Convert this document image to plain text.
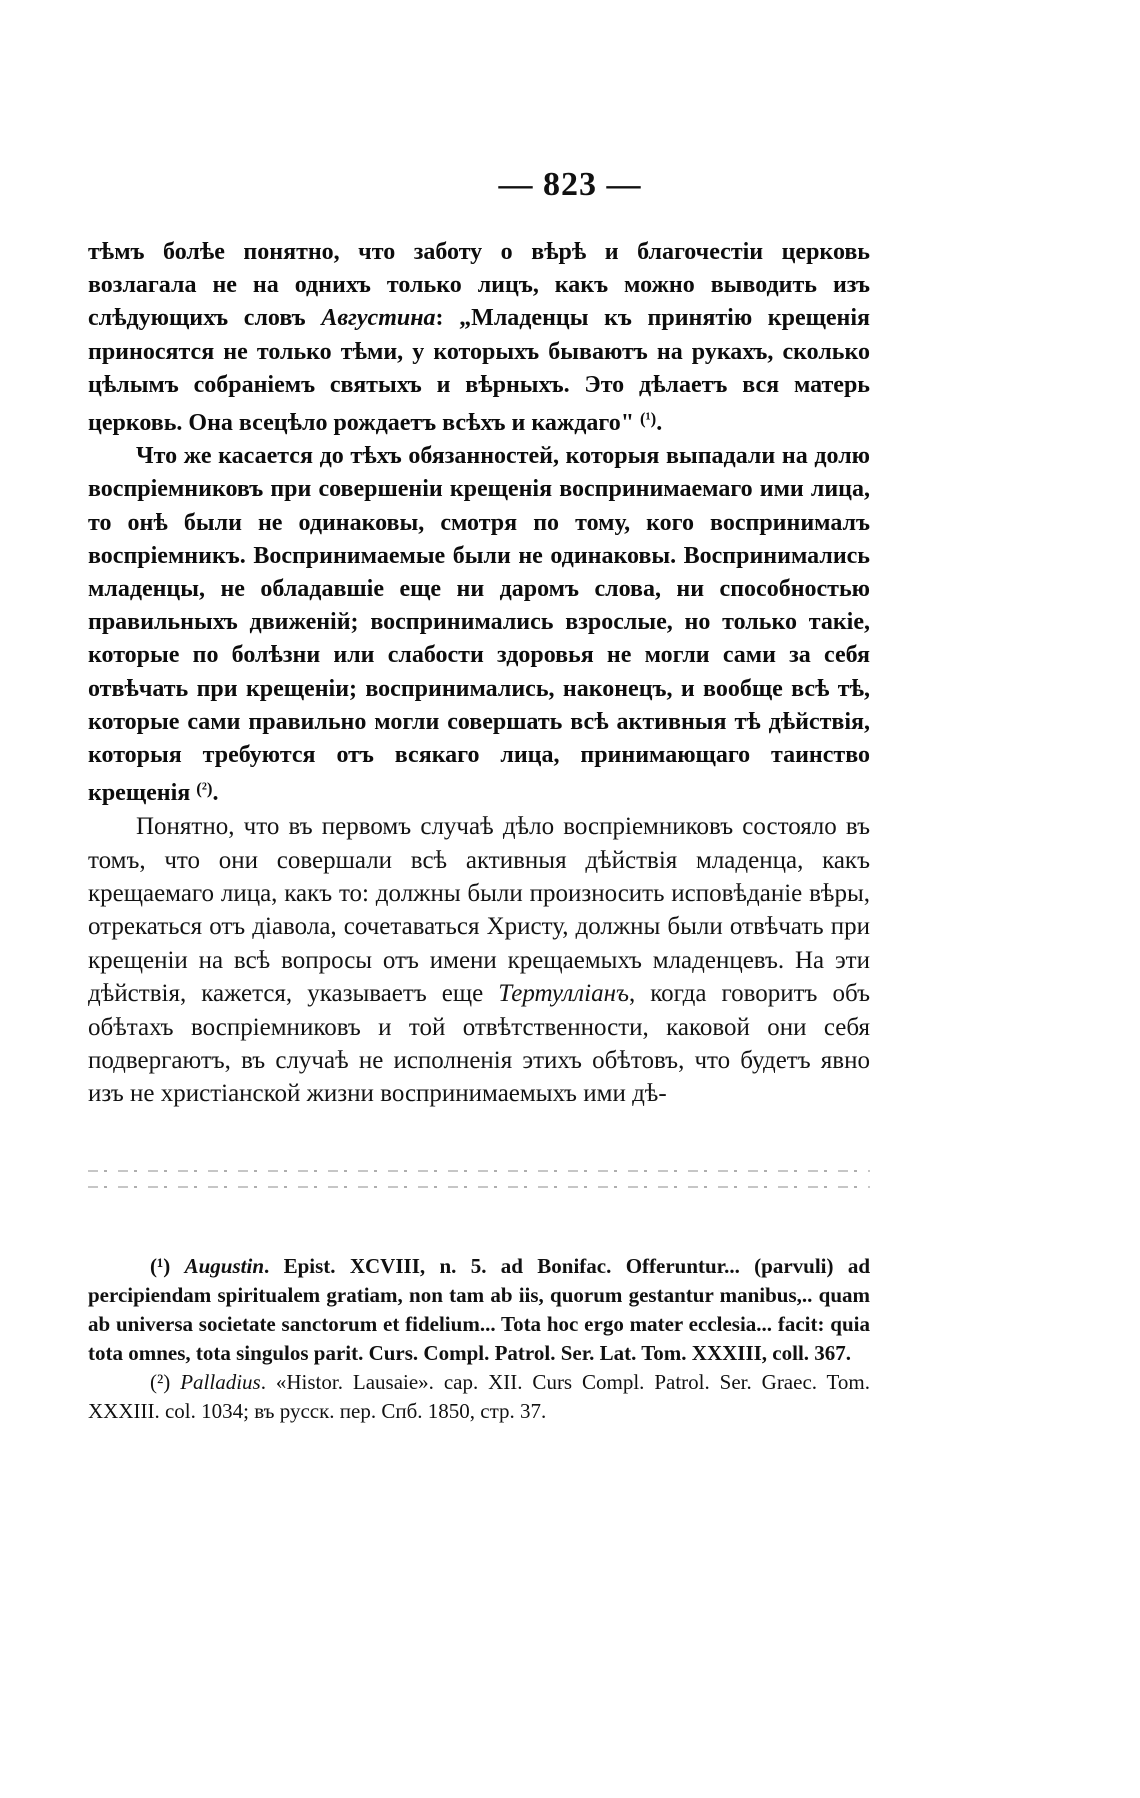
— 823 —

тѣмъ болѣе понятно, что заботу о вѣрѣ и благочестіи церковь возлагала не на однихъ только лицъ, какъ можно выводить изъ слѣдующихъ словъ Августина: „Младенцы къ принятію крещенія приносятся не только тѣми, у которыхъ бываютъ на рукахъ, сколько цѣлымъ собраніемъ святыхъ и вѣрныхъ. Это дѣлаетъ вся матерь церковь. Она всецѣло рождаетъ всѣхъ и каждаго" $^{(^1)}$.

Что же касается до тѣхъ обязанностей, которыя выпадали на долю воспріемниковъ при совершеніи крещенія воспринимаемаго ими лица, то онѣ были не одинаковы, смотря по тому, кого воспринималъ воспріемникъ. Воспринимаемые были не одинаковы. Воспринимались младенцы, не обладавшіе еще ни даромъ слова, ни способностью правильныхъ движеній; воспринимались взрослые, но только такіе, которые по болѣзни или слабости здоровья не могли сами за себя отвѣчать при крещеніи; воспринимались, наконецъ, и вообще всѣ тѣ, которые сами правильно могли совершать всѣ активныя тѣ дѣйствія, которыя требуются отъ всякаго лица, принимающаго таинство крещенія $^{(^2)}$.

Понятно, что въ первомъ случаѣ дѣло воспріемниковъ состояло въ томъ, что они совершали всѣ активныя дѣйствія младенца, какъ крещаемаго лица, какъ то: должны были произносить исповѣданіе вѣры, отрекаться отъ діавола, сочетаваться Христу, должны были отвѣчать при крещеніи на всѣ вопросы отъ имени крещаемыхъ младенцевъ. На эти дѣйствія, кажется, указываетъ еще Тертулліанъ, когда говоритъ объ обѣтахъ воспріемниковъ и той отвѣтственности, каковой они себя подвергаютъ, въ случаѣ не исполненія этихъ обѣтовъ, что будетъ явно изъ не христіанской жизни воспринимаемыхъ ими дѣ-

(¹) Augustin. Epist. XCVIII, n. 5. ad Bonifac. Offeruntur... (parvuli) ad percipiendam spiritualem gratiam, non tam ab iis, quorum gestantur manibus,.. quam ab universa societate sanctorum et fidelium... Tota hoc ergo mater ecclesia... facit: quia tota omnes, tota singulos parit. Curs. Compl. Patrol. Ser. Lat. Tom. XXXIII, coll. 367.

(²) Palladius. «Histor. Lausaie». cap. XII. Curs Compl. Patrol. Ser. Graec. Tom. XXXIII. col. 1034; въ русск. пер. Спб. 1850, стр. 37.
